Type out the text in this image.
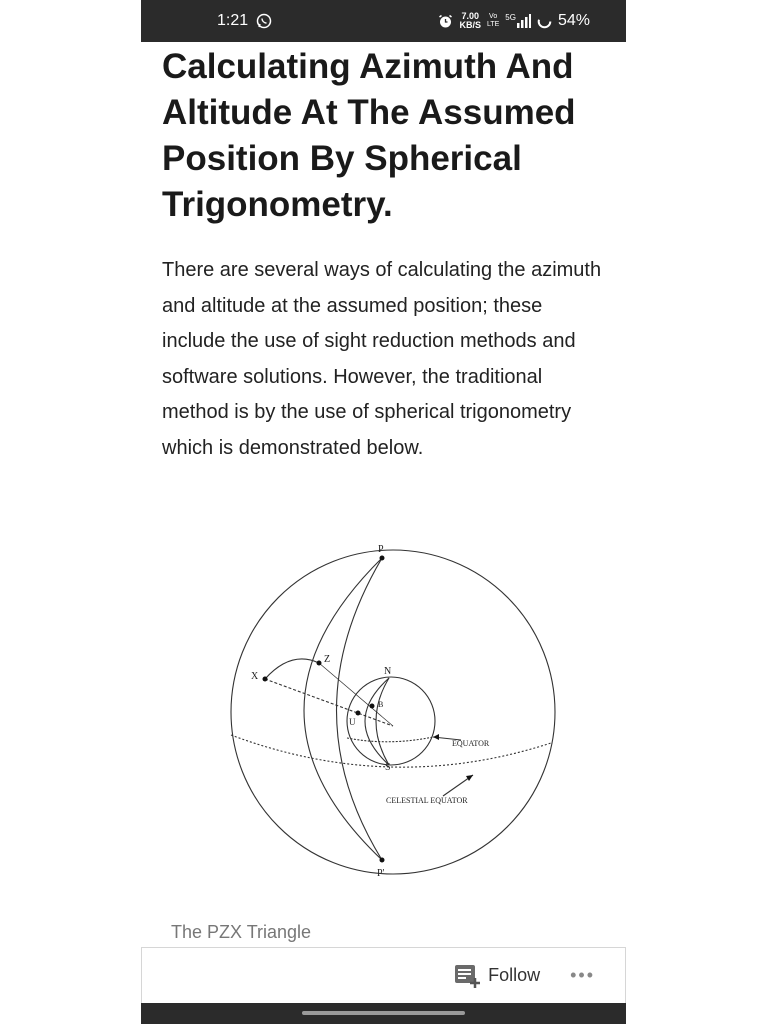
1:21	7.00
KB/S
Vo
LTE
5G	54%
Calculating Azimuth And Altitude At The Assumed Position By Spherical Trigonometry.

There are several ways of calculating the azimuth and altitude at the assumed position; these include the use of sight reduction methods and software solutions. However, the traditional method is by the use of spherical trigonometry which is demonstrated below.

P
P'
Z
X	N
S
B
U
EQUATOR
CELESTIAL EQUATOR
The PZX Triangle
Follow •••
